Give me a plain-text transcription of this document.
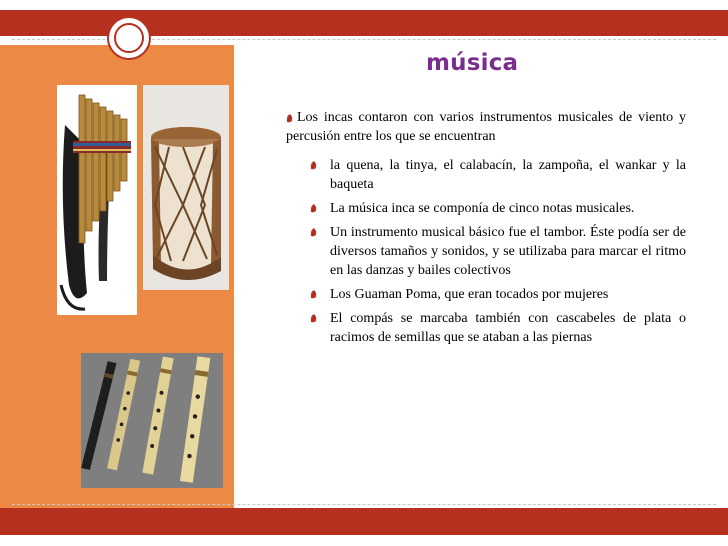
música

Los incas contaron con varios instrumentos musicales de viento y percusión entre los que se encuentran

la quena, la tinya, el calabacín, la zampoña, el wankar y la baqueta
La música inca se componía de cinco notas musicales.
Un instrumento musical básico fue el tambor. Éste podía ser de diversos tamaños y sonidos, y se utilizaba para marcar el ritmo en las danzas y bailes colectivos
Los Guaman Poma, que eran tocados por mujeres
El compás se marcaba también con cascabeles de plata o racimos de semillas que se ataban a las piernas
